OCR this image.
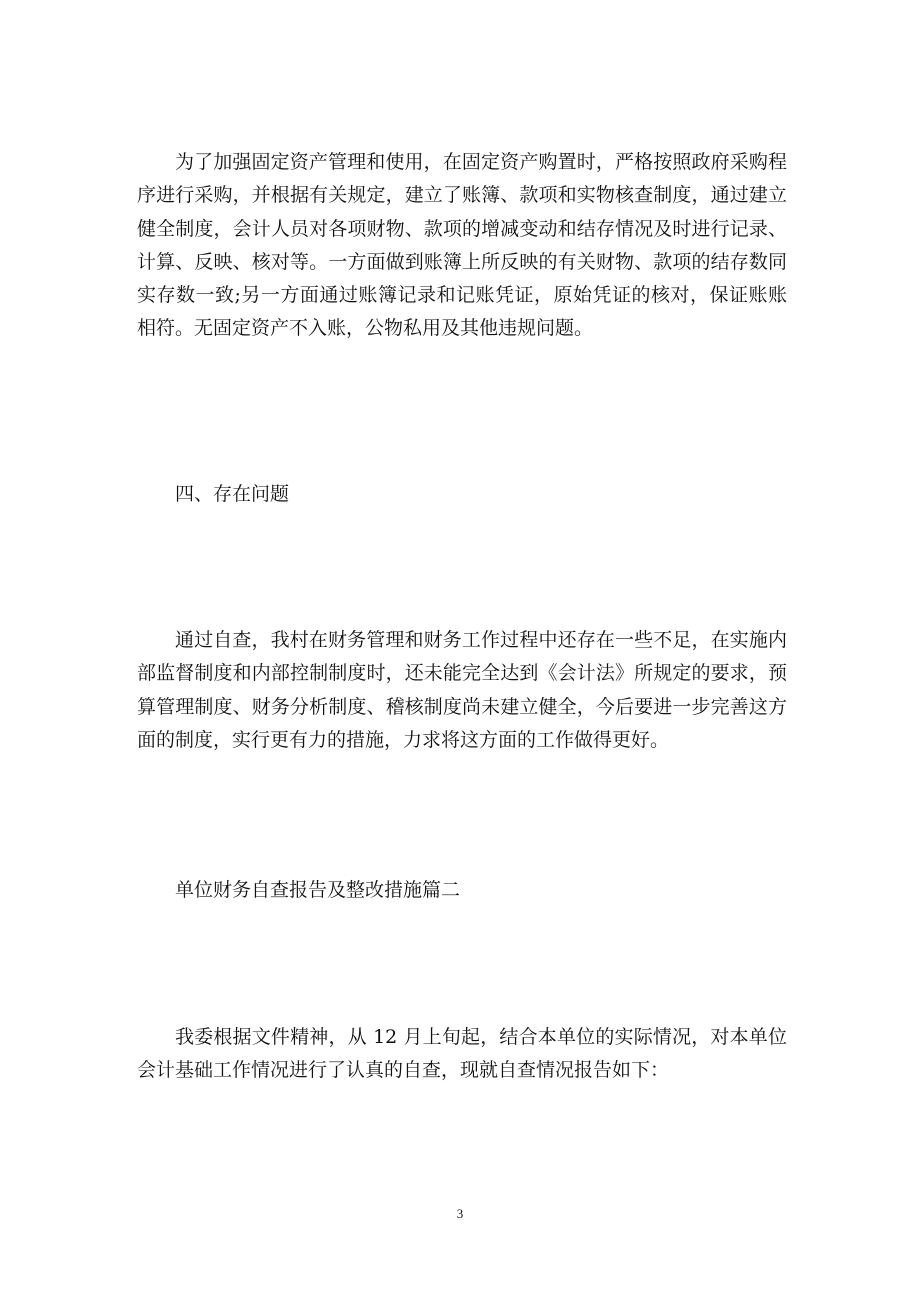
为了加强固定资产管理和使用，在固定资产购置时，严格按照政府采购程序进行采购，并根据有关规定，建立了账簿、款项和实物核查制度，通过建立健全制度，会计人员对各项财物、款项的增减变动和结存情况及时进行记录、计算、反映、核对等。一方面做到账簿上所反映的有关财物、款项的结存数同实存数一致;另一方面通过账簿记录和记账凭证，原始凭证的核对，保证账账相符。无固定资产不入账，公物私用及其他违规问题。

四、存在问题

通过自查，我村在财务管理和财务工作过程中还存在一些不足，在实施内部监督制度和内部控制制度时，还未能完全达到《会计法》所规定的要求，预算管理制度、财务分析制度、稽核制度尚未建立健全，今后要进一步完善这方面的制度，实行更有力的措施，力求将这方面的工作做得更好。

单位财务自查报告及整改措施篇二

我委根据文件精神，从 12 月上旬起，结合本单位的实际情况，对本单位会计基础工作情况进行了认真的自查，现就自查情况报告如下：

3
